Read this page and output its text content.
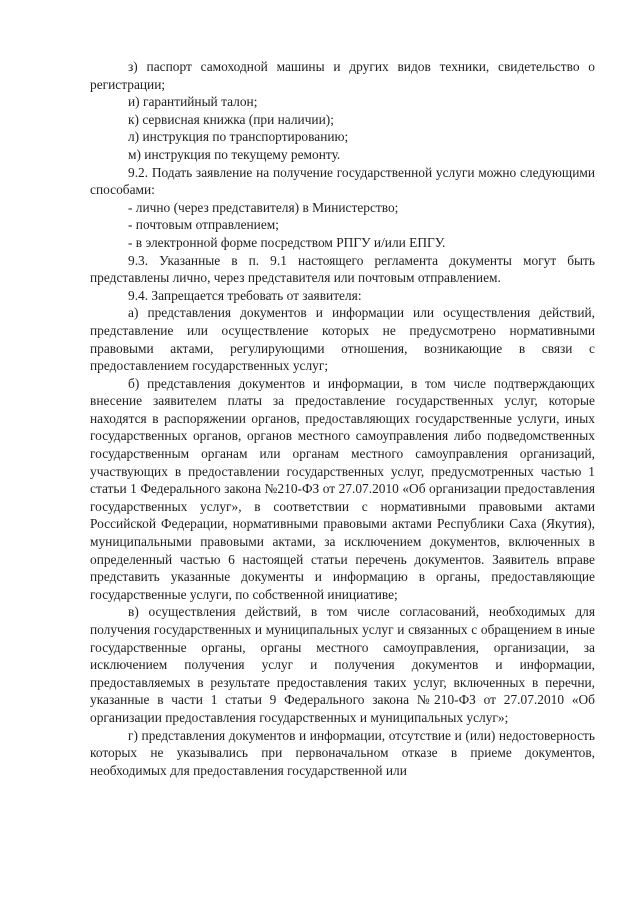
з) паспорт самоходной машины и других видов техники, свидетельство о регистрации;

и) гарантийный талон;

к) сервисная книжка (при наличии);

л) инструкция по транспортированию;

м) инструкция по текущему ремонту.

9.2. Подать заявление на получение государственной услуги можно следующими способами:

- лично (через представителя) в Министерство;

- почтовым отправлением;

- в электронной форме посредством РПГУ и/или ЕПГУ.

9.3. Указанные в п. 9.1 настоящего регламента документы могут быть представлены лично, через представителя или почтовым отправлением.

9.4. Запрещается требовать от заявителя:

а) представления документов и информации или осуществления действий, представление или осуществление которых не предусмотрено нормативными правовыми актами, регулирующими отношения, возникающие в связи с предоставлением государственных услуг;

б) представления документов и информации, в том числе подтверждающих внесение заявителем платы за предоставление государственных услуг, которые находятся в распоряжении органов, предоставляющих государственные услуги, иных государственных органов, органов местного самоуправления либо подведомственных государственным органам или органам местного самоуправления организаций, участвующих в предоставлении государственных услуг, предусмотренных частью 1 статьи 1 Федерального закона №210-ФЗ от 27.07.2010 «Об организации предоставления государственных услуг», в соответствии с нормативными правовыми актами Российской Федерации, нормативными правовыми актами Республики Саха (Якутия), муниципальными правовыми актами, за исключением документов, включенных в определенный частью 6 настоящей статьи перечень документов. Заявитель вправе представить указанные документы и информацию в органы, предоставляющие государственные услуги, по собственной инициативе;

в) осуществления действий, в том числе согласований, необходимых для получения государственных и муниципальных услуг и связанных с обращением в иные государственные органы, органы местного самоуправления, организации, за исключением получения услуг и получения документов и информации, предоставляемых в результате предоставления таких услуг, включенных в перечни, указанные в части 1 статьи 9 Федерального закона №210-ФЗ от 27.07.2010 «Об организации предоставления государственных и муниципальных услуг»;

г) представления документов и информации, отсутствие и (или) недостоверность которых не указывались при первоначальном отказе в приеме документов, необходимых для предоставления государственной или
